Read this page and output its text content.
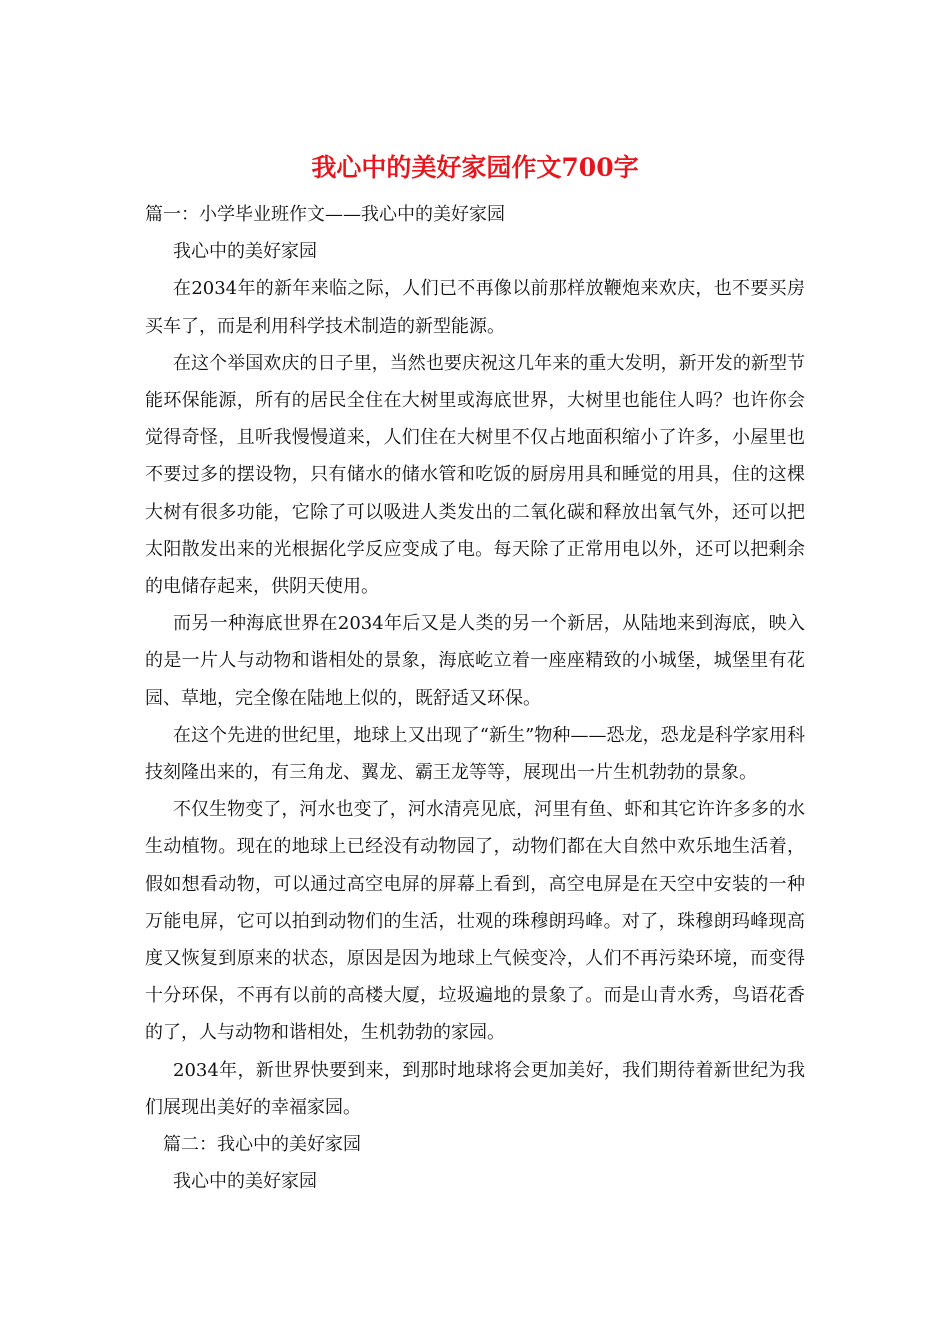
我心中的美好家园作文700字

篇一：小学毕业班作文——我心中的美好家园

我心中的美好家园

在2034年的新年来临之际，人们已不再像以前那样放鞭炮来欢庆，也不要买房买车了，而是利用科学技术制造的新型能源。

在这个举国欢庆的日子里，当然也要庆祝这几年来的重大发明，新开发的新型节能环保能源，所有的居民全住在大树里或海底世界，大树里也能住人吗？也许你会觉得奇怪，且听我慢慢道来，人们住在大树里不仅占地面积缩小了许多，小屋里也不要过多的摆设物，只有储水的储水管和吃饭的厨房用具和睡觉的用具，住的这棵大树有很多功能，它除了可以吸进人类发出的二氧化碳和释放出氧气外，还可以把太阳散发出来的光根据化学反应变成了电。每天除了正常用电以外，还可以把剩余的电储存起来，供阴天使用。

而另一种海底世界在2034年后又是人类的另一个新居，从陆地来到海底，映入的是一片人与动物和谐相处的景象，海底屹立着一座座精致的小城堡，城堡里有花园、草地，完全像在陆地上似的，既舒适又环保。

在这个先进的世纪里，地球上又出现了“新生”物种——恐龙，恐龙是科学家用科技刻隆出来的，有三角龙、翼龙、霸王龙等等，展现出一片生机勃勃的景象。

不仅生物变了，河水也变了，河水清亮见底，河里有鱼、虾和其它许许多多的水生动植物。现在的地球上已经没有动物园了，动物们都在大自然中欢乐地生活着，假如想看动物，可以通过高空电屏的屏幕上看到，高空电屏是在天空中安装的一种万能电屏，它可以拍到动物们的生活，壮观的珠穆朗玛峰。对了，珠穆朗玛峰现高度又恢复到原来的状态，原因是因为地球上气候变冷，人们不再污染环境，而变得十分环保，不再有以前的高楼大厦，垃圾遍地的景象了。而是山青水秀，鸟语花香的了，人与动物和谐相处，生机勃勃的家园。

2034年，新世界快要到来，到那时地球将会更加美好，我们期待着新世纪为我们展现出美好的幸福家园。

篇二：我心中的美好家园

我心中的美好家园
